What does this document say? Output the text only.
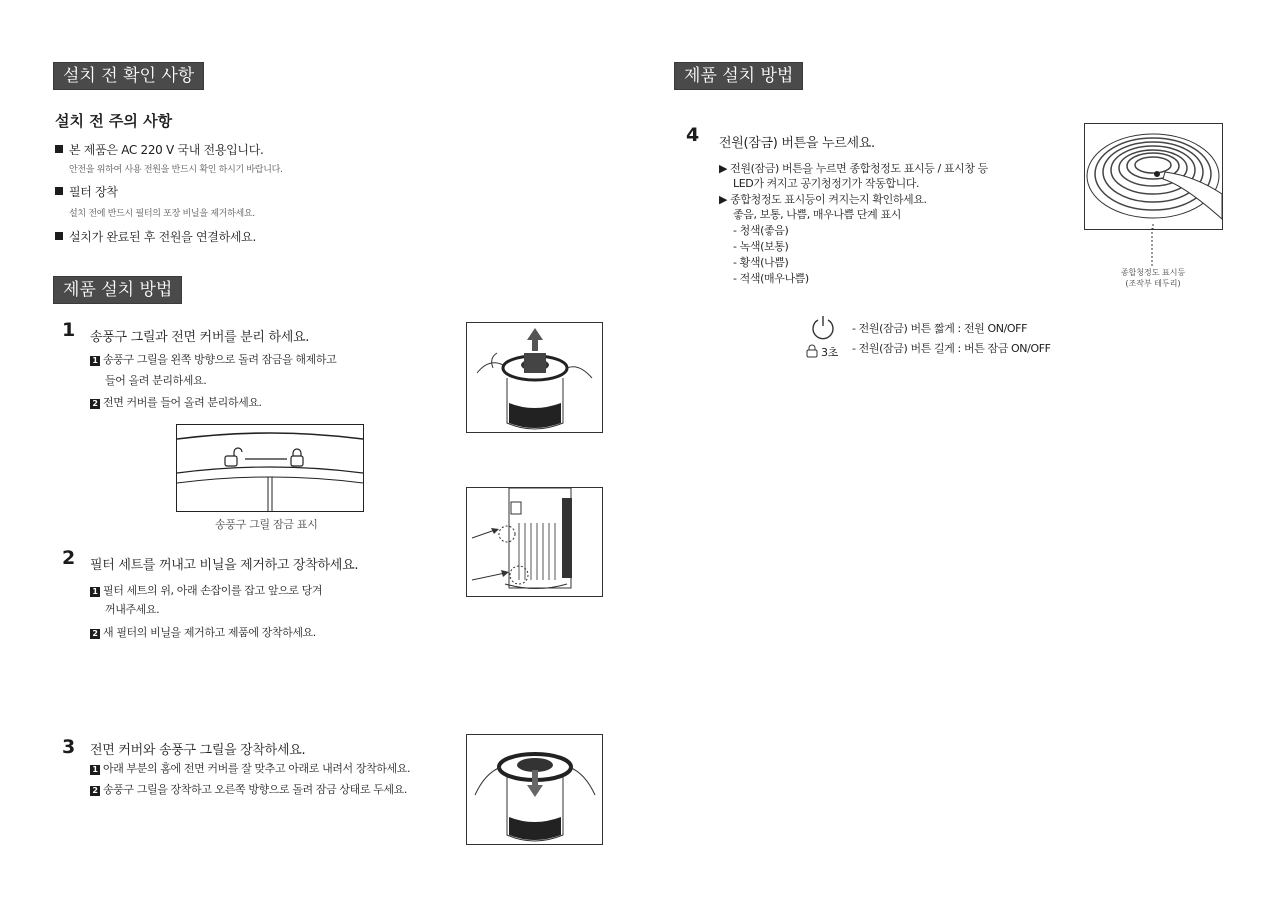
설치 전 확인 사항
설치 전 주의 사항
본 제품은 AC 220 V 국내 전용입니다.
안전을 위하여 사용 전원을 반드시 확인 하시기 바랍니다.
필터 장착
설치 전에 반드시 필터의 포장 비닐을 제거하세요.
설치가 완료된 후 전원을 연결하세요.
제품 설치 방법
1 송풍구 그릴과 전면 커버를 분리 하세요.
1 송풍구 그릴을 왼쪽 방향으로 돌려 잠금을 해제하고
들어 올려 분리하세요.
2 전면 커버를 들어 올려 분리하세요.
송풍구 그릴 잠금 표시
2 필터 세트를 꺼내고 비닐을 제거하고 장착하세요.
1 필터 세트의 위, 아래 손잡이를 잡고 앞으로 당겨
꺼내주세요.
2 새 필터의 비닐을 제거하고 제품에 장착하세요.
3 전면 커버와 송풍구 그릴을 장착하세요.
1 아래 부분의 홈에 전면 커버를 잘 맞추고 아래로 내려서 장착하세요.
2 송풍구 그릴을 장착하고 오른쪽 방향으로 돌려 잠금 상태로 두세요.
제품 설치 방법
4 전원(잠금) 버튼을 누르세요.
▶ 전원(잠금) 버튼을 누르면 종합청정도 표시등 / 표시창 등
LED가 켜지고 공기청정기가 작동합니다.
▶ 종합청정도 표시등이 켜지는지 확인하세요.
좋음, 보통, 나쁨, 매우나쁨 단계 표시
- 청색(좋음)
- 녹색(보통)
- 황색(나쁨)
- 적색(매우나쁨)	종합청정도 표시등
(조작부 테두리)
- 전원(잠금) 버튼 짧게 : 전원 ON/OFF
3초 - 전원(잠금) 버튼 길게 : 버튼 잠금 ON/OFF
